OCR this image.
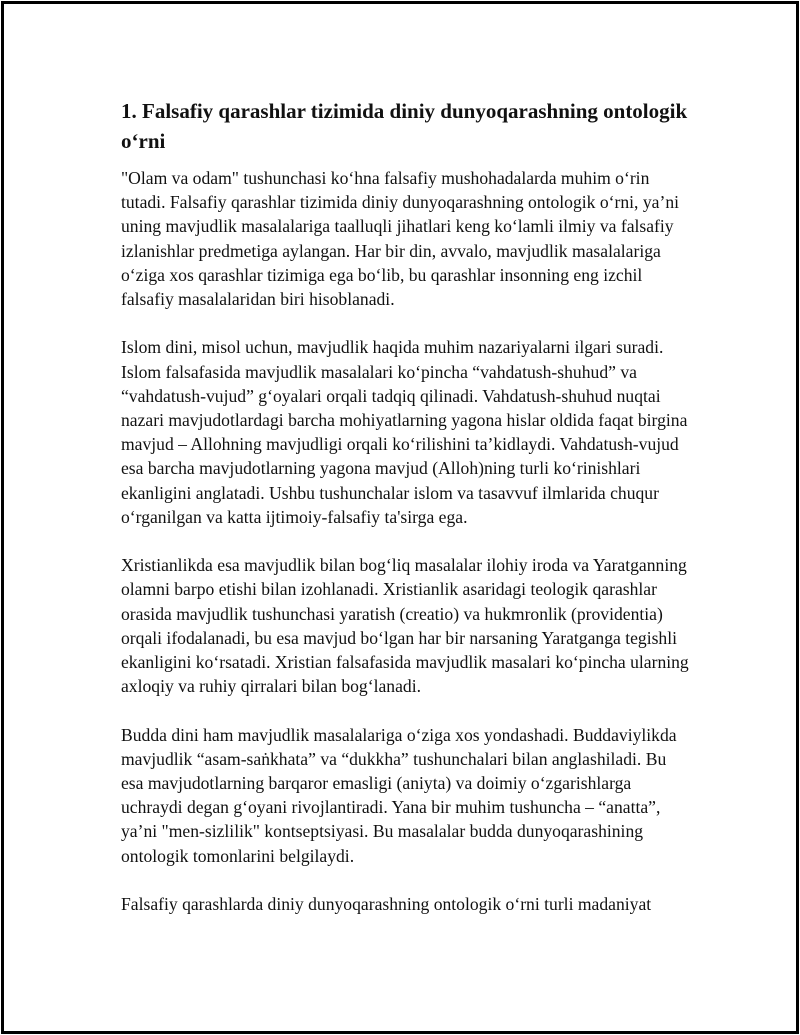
1. Falsafiy qarashlar tizimida diniy dunyoqarashning ontologik o‘rni

"Olam va odam" tushunchasi ko‘hna falsafiy mushohadalarda muhim o‘rin tutadi. Falsafiy qarashlar tizimida diniy dunyoqarashning ontologik o‘rni, ya’ni uning mavjudlik masalalariga taalluqli jihatlari keng ko‘lamli ilmiy va falsafiy izlanishlar predmetiga aylangan. Har bir din, avvalo, mavjudlik masalalariga o‘ziga xos qarashlar tizimiga ega bo‘lib, bu qarashlar insonning eng izchil falsafiy masalalaridan biri hisoblanadi.

Islom dini, misol uchun, mavjudlik haqida muhim nazariyalarni ilgari suradi. Islom falsafasida mavjudlik masalalari ko‘pincha “vahdatush-shuhud” va “vahdatush-vujud” g‘oyalari orqali tadqiq qilinadi. Vahdatush-shuhud nuqtai nazari mavjudotlardagi barcha mohiyatlarning yagona hislar oldida faqat birgina mavjud – Allohning mavjudligi orqali ko‘rilishini ta’kidlaydi. Vahdatush-vujud esa barcha mavjudotlarning yagona mavjud (Alloh)ning turli ko‘rinishlari ekanligini anglatadi. Ushbu tushunchalar islom va tasavvuf ilmlarida chuqur o‘rganilgan va katta ijtimoiy-falsafiy ta'sirga ega.

Xristianlikda esa mavjudlik bilan bog‘liq masalalar ilohiy iroda va Yaratganning olamni barpo etishi bilan izohlanadi. Xristianlik asaridagi teologik qarashlar orasida mavjudlik tushunchasi yaratish (creatio) va hukmronlik (providentia) orqali ifodalanadi, bu esa mavjud bo‘lgan har bir narsaning Yaratganga tegishli ekanligini ko‘rsatadi. Xristian falsafasida mavjudlik masalari ko‘pincha ularning axloqiy va ruhiy qirralari bilan bog‘lanadi.

Budda dini ham mavjudlik masalalariga o‘ziga xos yondashadi. Buddaviylikda mavjudlik “asam-saṅkhata” va “dukkha” tushunchalari bilan anglashiladi. Bu esa mavjudotlarning barqaror emasligi (aniyta) va doimiy o‘zgarishlarga uchraydi degan g‘oyani rivojlantiradi. Yana bir muhim tushuncha – “anatta”, ya’ni "men-sizlilik" kontseptsiyasi. Bu masalalar budda dunyoqarashining ontologik tomonlarini belgilaydi.

Falsafiy qarashlarda diniy dunyoqarashning ontologik o‘rni turli madaniyat
